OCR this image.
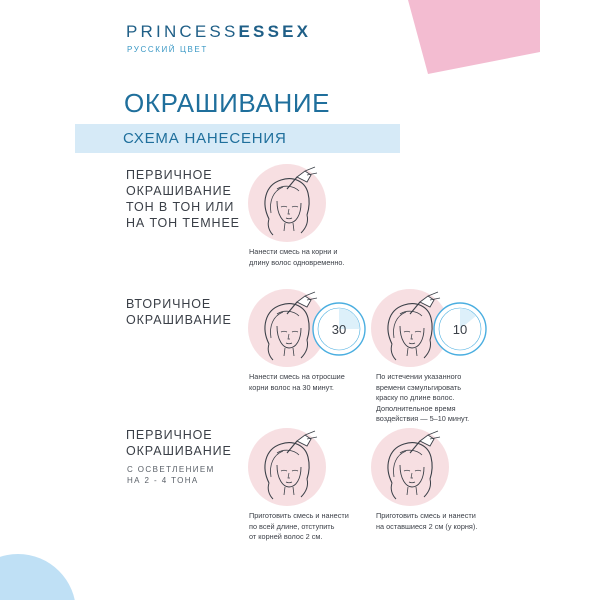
PRINCESSESSEX
РУССКИЙ ЦВЕТ
ОКРАШИВАНИЕ
СХЕМА НАНЕСЕНИЯ
ПЕРВИЧНОЕ
ОКРАШИВАНИЕ
ТОН В ТОН ИЛИ
НА ТОН ТЕМНЕЕ
Нанести смесь на корни и
длину волос одновременно.
ВТОРИЧНОЕ
ОКРАШИВАНИЕ
30
Нанести смесь на отросшие
корни волос на 30 минут.
10
По истечении указанного
времени сэмульгировать
краску по длине волос.
Дополнительное время
воздействия — 5–10 минут.
ПЕРВИЧНОЕ
ОКРАШИВАНИЕ
С ОСВЕТЛЕНИЕМ
НА 2 - 4 ТОНА
Приготовить смесь и нанести
по всей длине, отступить
от корней волос 2 см.
Приготовить смесь и нанести
на оставшиеся 2 см (у корня).
